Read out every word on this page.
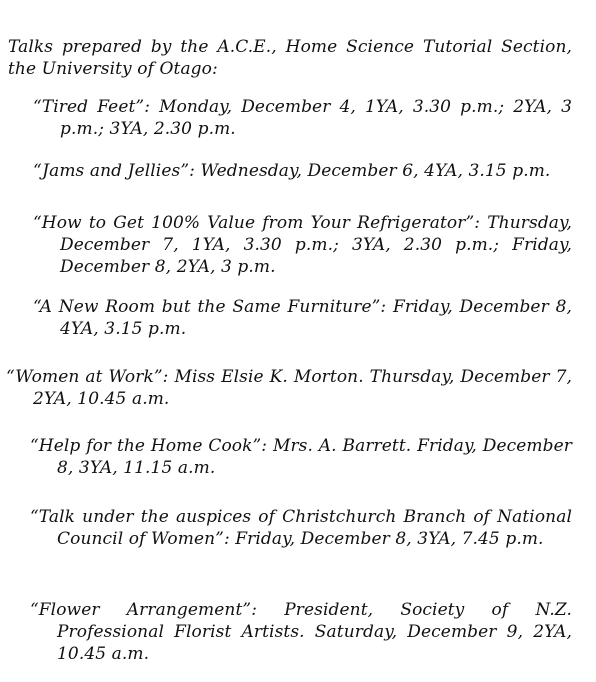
Talks prepared by the A.C.E., Home Science Tutorial Section, the University of Otago:

“Tired Feet”: Monday, December 4, 1YA, 3.30 p.m.; 2YA, 3 p.m.; 3YA, 2.30 p.m.

“Jams and Jellies”: Wednesday, December 6, 4YA, 3.15 p.m.

“How to Get 100% Value from Your Refrigerator”: Thursday, December 7, 1YA, 3.30 p.m.; 3YA, 2.30 p.m.; Friday, December 8, 2YA, 3 p.m.

“A New Room but the Same Furniture”: Friday, December 8, 4YA, 3.15 p.m.

“Women at Work”: Miss Elsie K. Morton. Thursday, December 7, 2YA, 10.45 a.m.

“Help for the Home Cook”: Mrs. A. Barrett. Friday, December 8, 3YA, 11.15 a.m.

“Talk under the auspices of Christchurch Branch of National Council of Women”: Friday, December 8, 3YA, 7.45 p.m.

“Flower Arrangement”: President, Society of N.Z. Professional Florist Artists. Saturday, December 9, 2YA, 10.45 a.m.
